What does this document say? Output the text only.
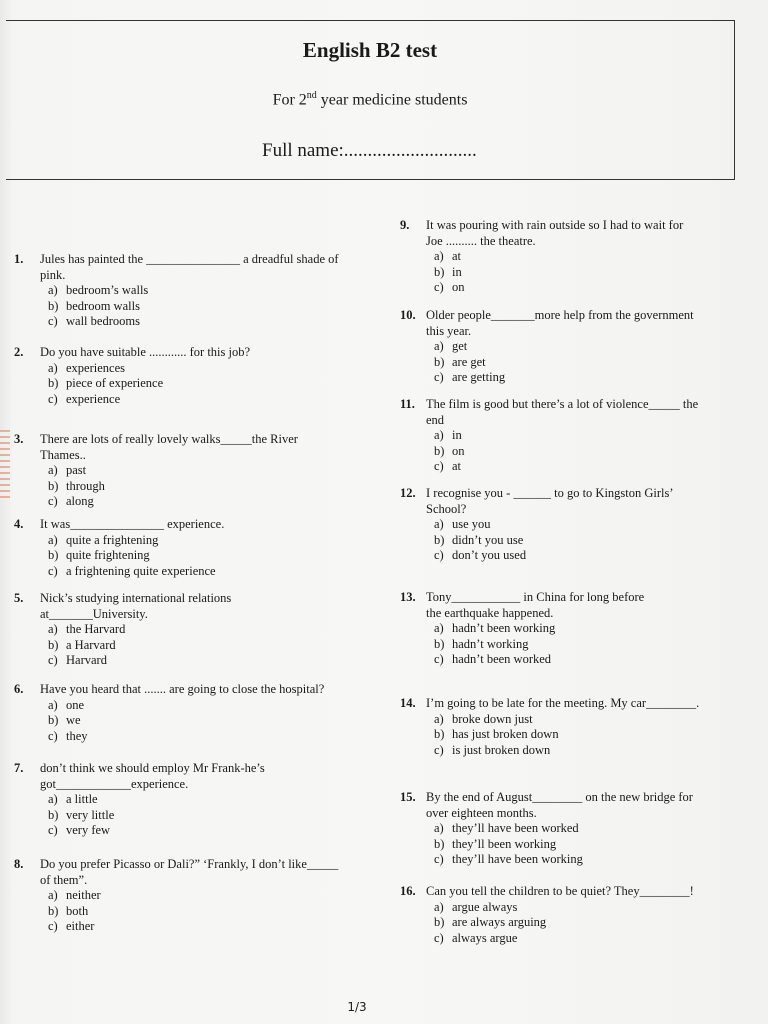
English B2 test
For 2nd year medicine students
Full name:............................
1. Jules has painted the _______________ a dreadful shade of
pink.
a) bedroom’s walls
b) bedroom walls
c) wall bedrooms
2. Do you have suitable ............ for this job?
a) experiences
b) piece of experience
c) experience
3. There are lots of really lovely walks_____the River
Thames..
a) past
b) through
c) along
4. It was_______________ experience.
a) quite a frightening
b) quite frightening
c) a frightening quite experience
5. Nick’s studying international relations
at_______University.
a) the Harvard
b) a Harvard
c) Harvard
6. Have you heard that ....... are going to close the hospital?
a) one
b) we
c) they
7. don’t think we should employ Mr Frank-he’s
got____________experience.
a) a little
b) very little
c) very few
8. Do you prefer Picasso or Dali?” ‘Frankly, I don’t like_____
of them”.
a) neither
b) both
c) either
9. It was pouring with rain outside so I had to wait for
Joe .......... the theatre.
a) at
b) in
c) on
10. Older people_______more help from the government
this year.
a) get
b) are get
c) are getting
11. The film is good but there’s a lot of violence_____ the
end
a) in
b) on
c) at
12. I recognise you - ______ to go to Kingston Girls’
School?
a) use you
b) didn’t you use
c) don’t you used
13. Tony___________ in China for long before
the earthquake happened.
a) hadn’t been working
b) hadn’t working
c) hadn’t been worked
14. I’m going to be late for the meeting. My car________.
a) broke down just
b) has just broken down
c) is just broken down
15. By the end of August________ on the new bridge for
over eighteen months.
a) they’ll have been worked
b) they’ll been working
c) they’ll have been working
16. Can you tell the children to be quiet? They________!
a) argue always
b) are always arguing
c) always argue
1/3
